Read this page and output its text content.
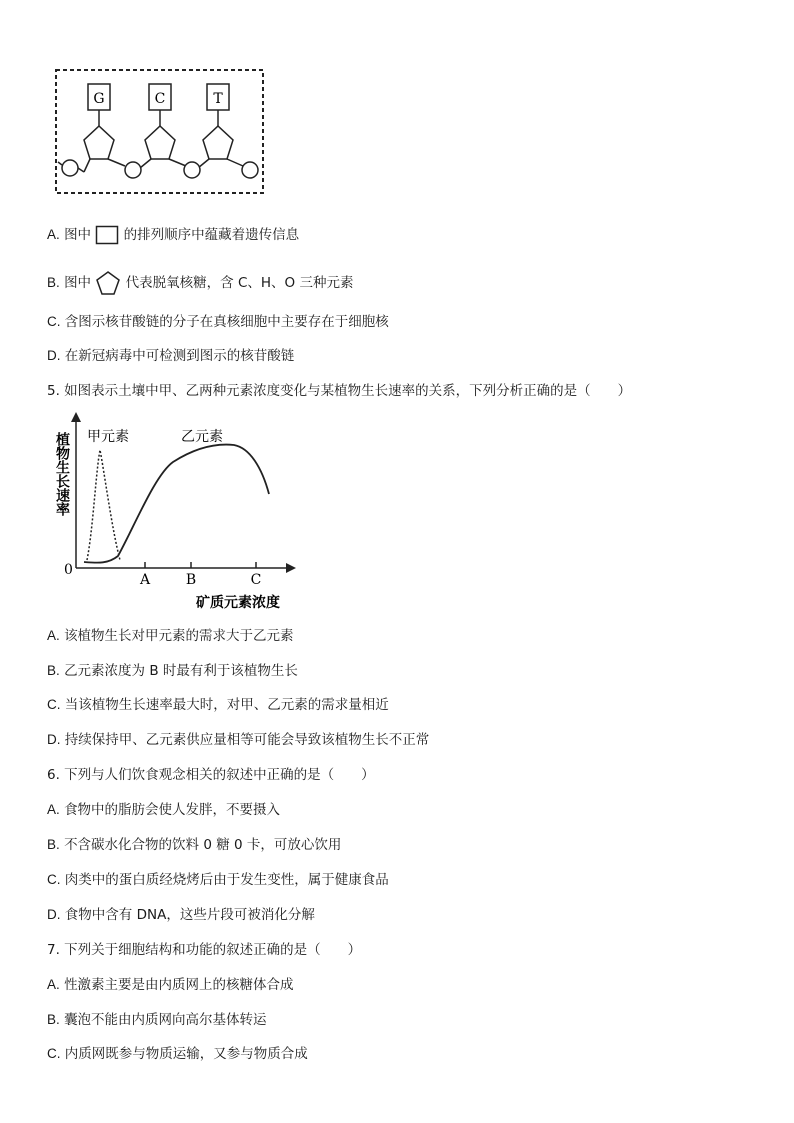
G	C	T
A. 图中 的排列顺序中蕴藏着遗传信息
B. 图中	代表脱氧核糖，含 C、H、O 三种元素
C. 含图示核苷酸链的分子在真核细胞中主要存在于细胞核
D. 在新冠病毒中可检测到图示的核苷酸链
5. 如图表示土壤中甲、乙两种元素浓度变化与某植物生长速率的关系，下列分析正确的是（　　）
植物生长速率
0
A	B	C
矿质元素浓度
甲元素	乙元素
A. 该植物生长对甲元素的需求大于乙元素
B. 乙元素浓度为 B 时最有利于该植物生长
C. 当该植物生长速率最大时，对甲、乙元素的需求量相近
D. 持续保持甲、乙元素供应量相等可能会导致该植物生长不正常
6. 下列与人们饮食观念相关的叙述中正确的是（　　）
A. 食物中的脂肪会使人发胖，不要摄入
B. 不含碳水化合物的饮料 0 糖 0 卡，可放心饮用
C. 肉类中的蛋白质经烧烤后由于发生变性，属于健康食品
D. 食物中含有 DNA，这些片段可被消化分解
7. 下列关于细胞结构和功能的叙述正确的是（　　）
A. 性激素主要是由内质网上的核糖体合成
B. 囊泡不能由内质网向高尔基体转运
C. 内质网既参与物质运输，又参与物质合成
